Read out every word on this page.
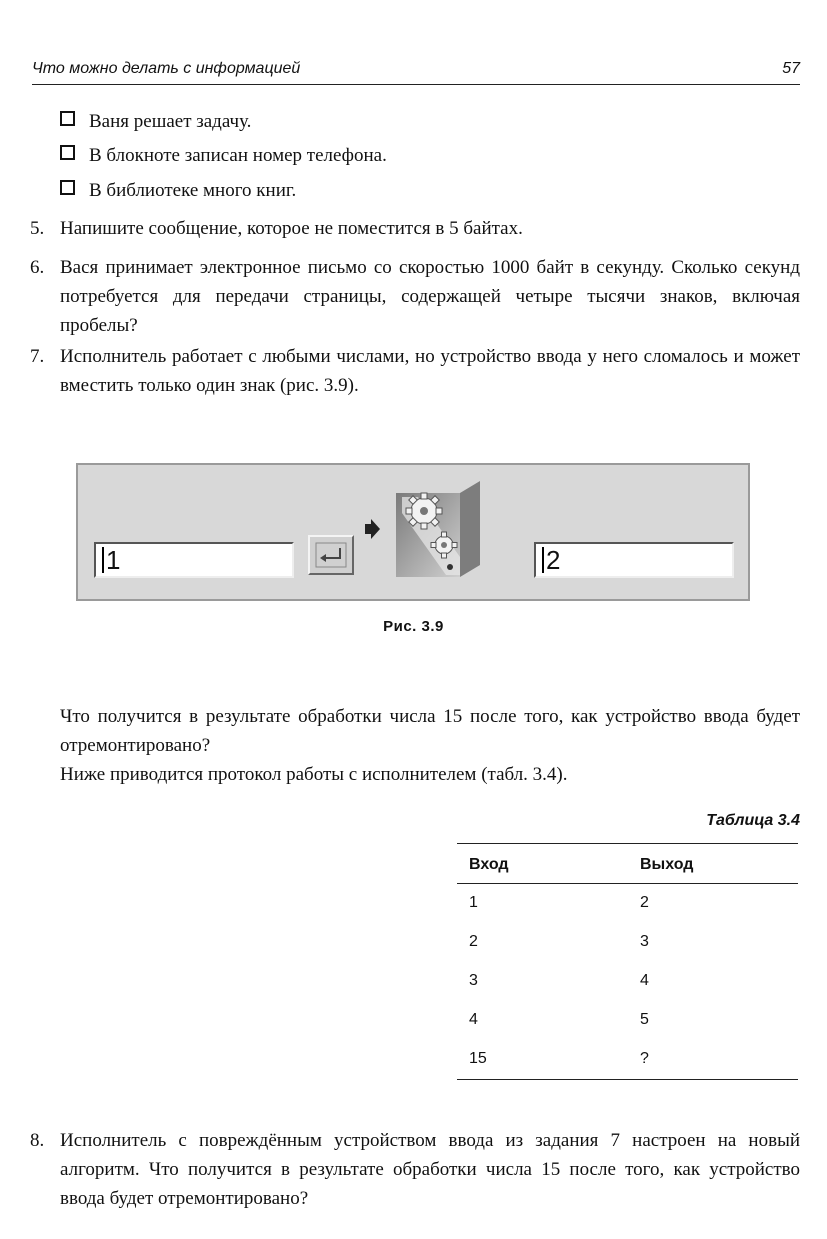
Что можно делать с информацией	57
Ваня решает задачу.
В блокноте записан номер телефона.
В библиотеке много книг.
5. Напишите сообщение, которое не поместится в 5 байтах.
6. Вася принимает электронное письмо со скоростью 1000 байт в секунду. Сколько секунд потребуется для передачи страницы, содержащей четыре тысячи знаков, включая пробелы?
7. Исполнитель работает с любыми числами, но устройство ввода у него сломалось и может вместить только один знак (рис. 3.9).
1	2
Рис. 3.9
Что получится в результате обработки числа 15 после того, как устройство ввода будет отремонтировано?
Ниже приводится протокол работы с исполнителем (табл. 3.4).
Таблица 3.4
Вход	Выход
1	2
2	3
3	4
4	5
15	?
8. Исполнитель с повреждённым устройством ввода из задания 7 настроен на новый алгоритм. Что получится в результате обработки числа 15 после того, как устройство ввода будет отремонтировано?
